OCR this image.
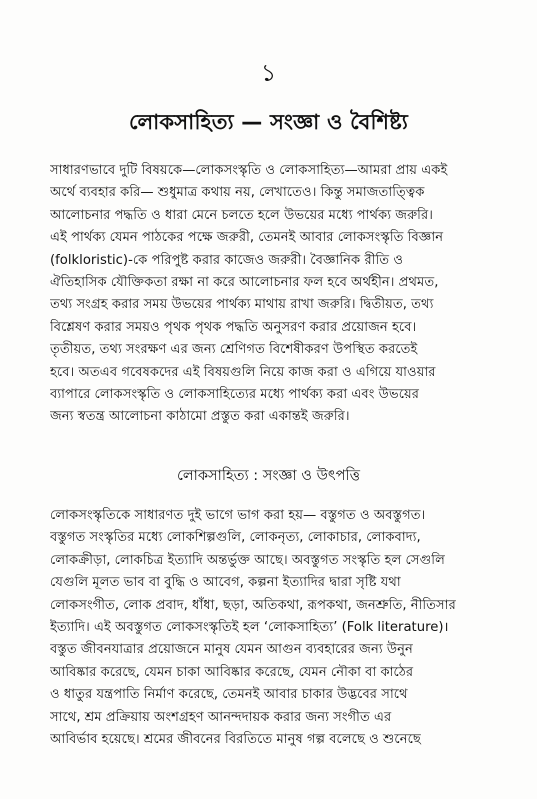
১
লোকসাহিত্য — সংজ্ঞা ও বৈশিষ্ট্য
সাধারণভাবে দুটি বিষয়কে—লোকসংস্কৃতি ও লোকসাহিত্য—আমরা প্রায় একই
অর্থে ব্যবহার করি— শুধুমাত্র কথায় নয়, লেখাতেও। কিন্তু সমাজতাত্ত্বিক
আলোচনার পদ্ধতি ও ধারা মেনে চলতে হলে উভয়ের মধ্যে পার্থক্য জরুরি।
এই পার্থক্য যেমন পাঠকের পক্ষে জরুরী, তেমনই আবার লোকসংস্কৃতি বিজ্ঞান
(folkloristic)-কে পরিপুষ্ট করার কাজেও জরুরী। বৈজ্ঞানিক রীতি ও
ঐতিহাসিক যৌক্তিকতা রক্ষা না করে আলোচনার ফল হবে অর্থহীন। প্রথমত,
তথ্য সংগ্রহ করার সময় উভয়ের পার্থক্য মাথায় রাখা জরুরি। দ্বিতীয়ত, তথ্য
বিশ্লেষণ করার সময়ও পৃথক পৃথক পদ্ধতি অনুসরণ করার প্রয়োজন হবে।
তৃতীয়ত, তথ্য সংরক্ষণ এর জন্য শ্রেণিগত বিশেষীকরণ উপস্থিত করতেই
হবে। অতএব গবেষকদের এই বিষয়গুলি নিয়ে কাজ করা ও এগিয়ে যাওয়ার
ব্যাপারে লোকসংস্কৃতি ও লোকসাহিত্যের মধ্যে পার্থক্য করা এবং উভয়ের
জন্য স্বতন্ত্র আলোচনা কাঠামো প্রস্তুত করা একান্তই জরুরি।
লোকসাহিত্য : সংজ্ঞা ও উৎপত্তি
লোকসংস্কৃতিকে সাধারণত দুই ভাগে ভাগ করা হয়— বস্তুগত ও অবস্তুগত।
বস্তুগত সংস্কৃতির মধ্যে লোকশিল্পগুলি, লোকনৃত্য, লোকাচার, লোকবাদ্য,
লোকক্রীড়া, লোকচিত্র ইত্যাদি অন্তর্ভুক্ত আছে। অবস্তুগত সংস্কৃতি হল সেগুলি
যেগুলি মূলত ভাব বা বুদ্ধি ও আবেগ, কল্পনা ইত্যাদির দ্বারা সৃষ্টি যথা
লোকসংগীত, লোক প্রবাদ, ধাঁধা, ছড়া, অতিকথা, রূপকথা, জনশ্রুতি, নীতিসার
ইত্যাদি। এই অবস্তুগত লোকসংস্কৃতিই হল ‘লোকসাহিত্য’ (Folk literature)।
বস্তুত জীবনযাত্রার প্রয়োজনে মানুষ যেমন আগুন ব্যবহারের জন্য উনুন
আবিষ্কার করেছে, যেমন চাকা আবিষ্কার করেছে, যেমন নৌকা বা কাঠের
ও ধাতুর যন্ত্রপাতি নির্মাণ করেছে, তেমনই আবার চাকার উদ্ভবের সাথে
সাথে, শ্রম প্রক্রিয়ায় অংশগ্রহণ আনন্দদায়ক করার জন্য সংগীত এর
আবির্ভাব হয়েছে। শ্রমের জীবনের বিরতিতে মানুষ গল্প বলেছে ও শুনেছে
